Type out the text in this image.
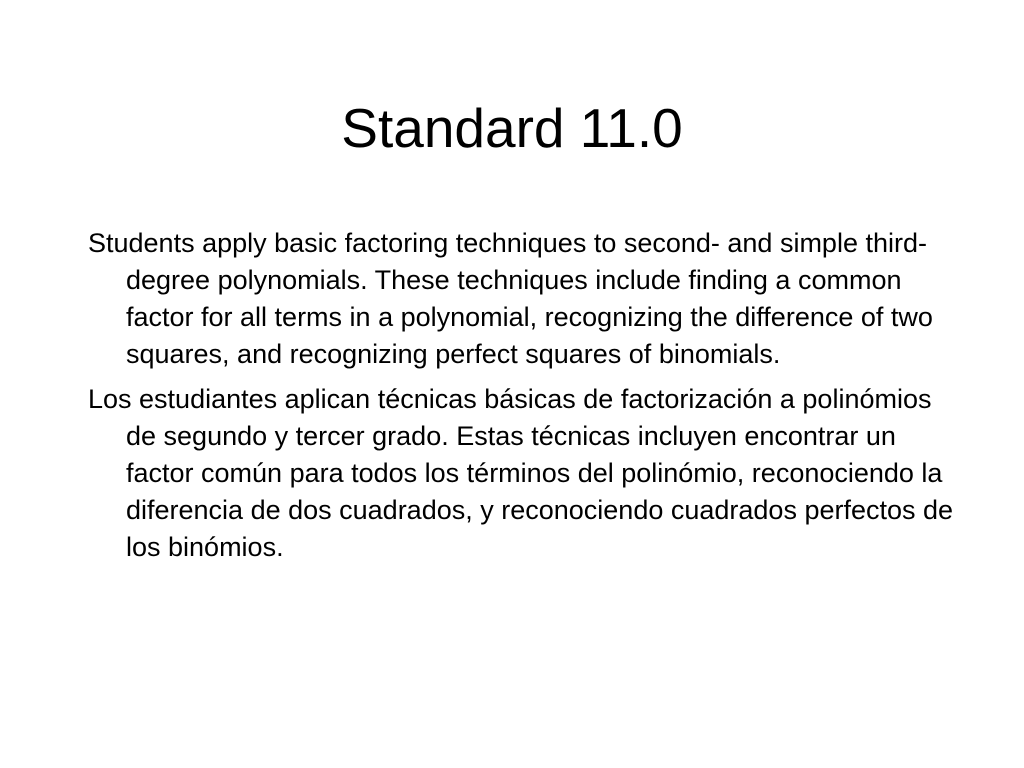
Standard 11.0

Students apply basic factoring techniques to second- and simple third-degree polynomials. These techniques include finding a common factor for all terms in a polynomial, recognizing the difference of two squares, and recognizing perfect squares of binomials.

Los estudiantes aplican técnicas básicas de factorización a polinómios de segundo y tercer grado. Estas técnicas incluyen encontrar un factor común para todos los términos del polinómio, reconociendo la diferencia de dos cuadrados, y reconociendo cuadrados perfectos de los binómios.
